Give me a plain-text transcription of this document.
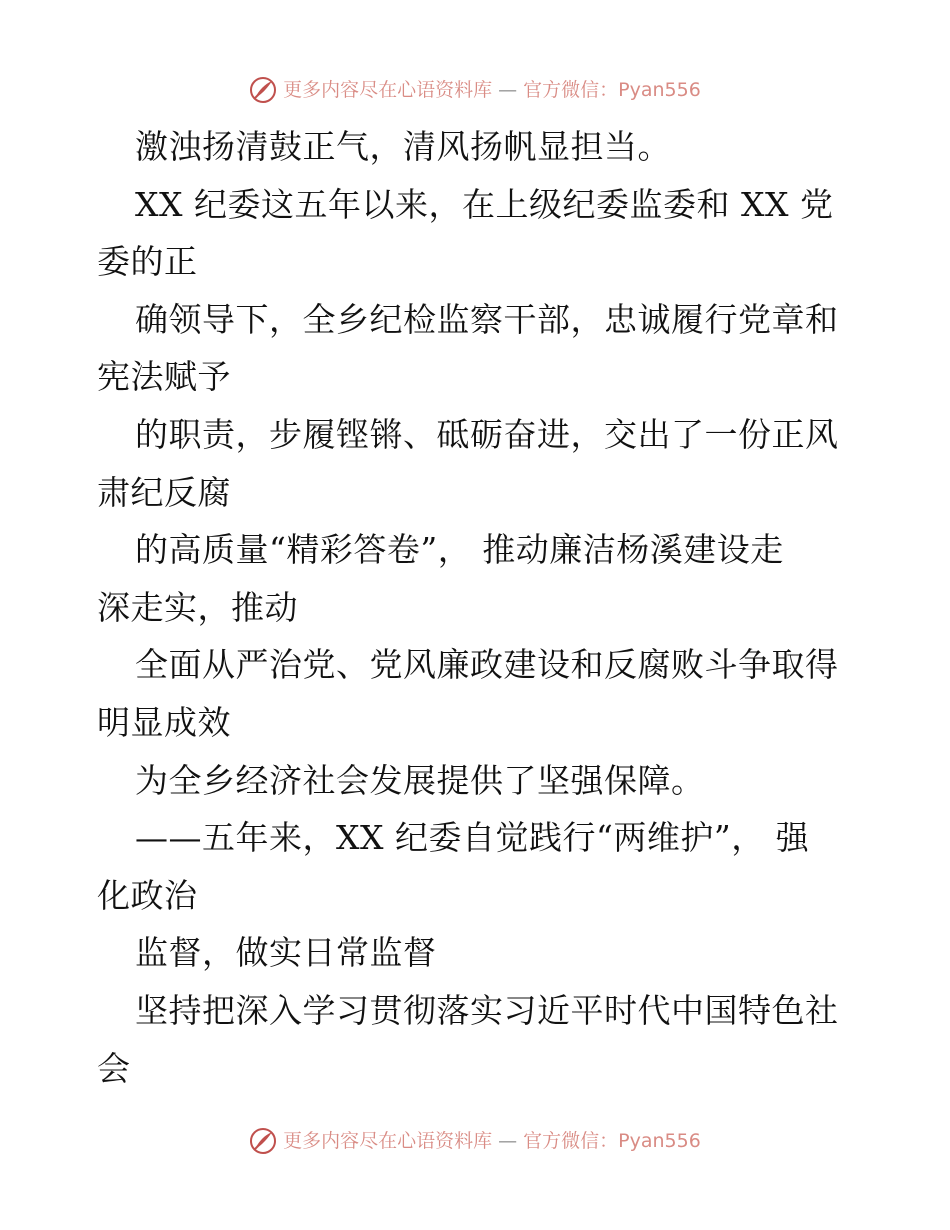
更多内容尽在心语资料库 — 官方微信：Pyan556
激浊扬清鼓正气，清风扬帆显担当。
XX 纪委这五年以来，在上级纪委监委和 XX 党
委的正
确领导下，全乡纪检监察干部，忠诚履行党章和
宪法赋予
的职责，步履铿锵、砥砺奋进，交出了一份正风
肃纪反腐
的高质量“精彩答卷”， 推动廉洁杨溪建设走
深走实，推动
全面从严治党、党风廉政建设和反腐败斗争取得
明显成效
为全乡经济社会发展提供了坚强保障。
——五年来，XX 纪委自觉践行“两维护”， 强
化政治
监督，做实日常监督
坚持把深入学习贯彻落实习近平时代中国特色社
会
更多内容尽在心语资料库 — 官方微信：Pyan556
